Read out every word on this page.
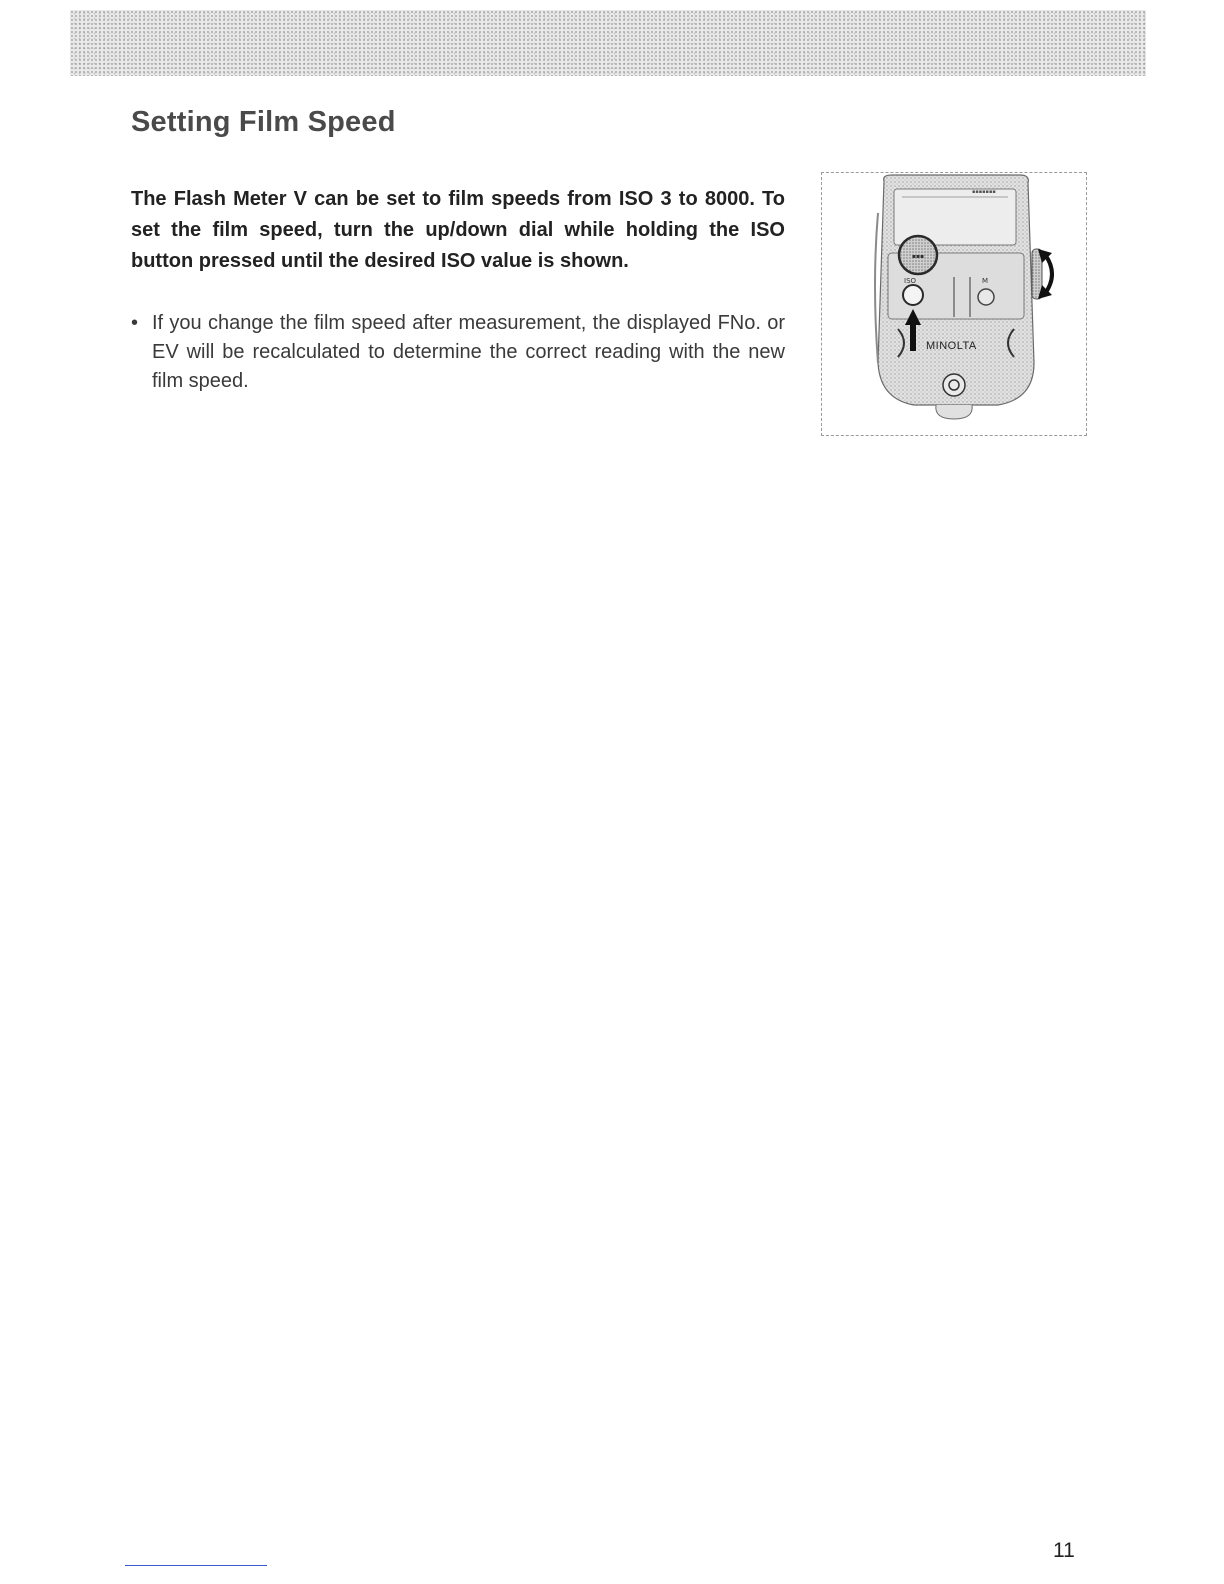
Setting Film Speed

The Flash Meter V can be set to film speeds from ISO 3 to 8000. To set the film speed, turn the up/down dial while holding the ISO button pressed until the desired ISO value is shown.

• If you change the film speed after measurement, the displayed FNo. or EV will be recalculated to determine the correct reading with the new film speed.
▪▪▪▪▪▪▪
▪▪▪
ISO	M
MINOLTA
11
